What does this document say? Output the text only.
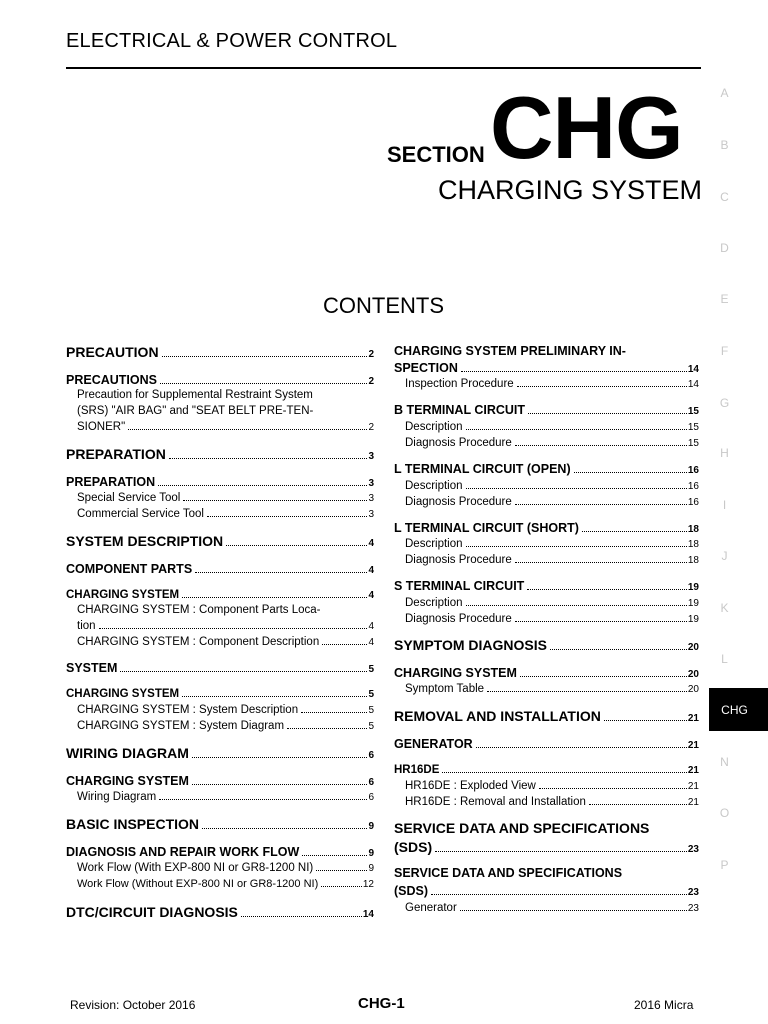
ELECTRICAL & POWER CONTROL
SECTION CHG
CHARGING SYSTEM
CONTENTS
PRECAUTION	2
PRECAUTIONS	2
Precaution for Supplemental Restraint System
(SRS) "AIR BAG" and "SEAT BELT PRE-TEN-
SIONER"	2
PREPARATION	3
PREPARATION	3
Special Service Tool	3
Commercial Service Tool	3
SYSTEM DESCRIPTION	4
COMPONENT PARTS	4
CHARGING SYSTEM	4
CHARGING SYSTEM : Component Parts Loca-
tion	4
CHARGING SYSTEM : Component Description	4
SYSTEM	5
CHARGING SYSTEM	5
CHARGING SYSTEM : System Description	5
CHARGING SYSTEM : System Diagram	5
WIRING DIAGRAM	6
CHARGING SYSTEM	6
Wiring Diagram	6
BASIC INSPECTION	9
DIAGNOSIS AND REPAIR WORK FLOW	9
Work Flow (With EXP-800 NI or GR8-1200 NI)	9
Work Flow (Without EXP-800 NI or GR8-1200 NI)	12
DTC/CIRCUIT DIAGNOSIS	14
CHARGING SYSTEM PRELIMINARY IN-
SPECTION	14
Inspection Procedure	14
B TERMINAL CIRCUIT	15
Description	15
Diagnosis Procedure	15
L TERMINAL CIRCUIT (OPEN)	16
Description	16
Diagnosis Procedure	16
L TERMINAL CIRCUIT (SHORT)	18
Description	18
Diagnosis Procedure	18
S TERMINAL CIRCUIT	19
Description	19
Diagnosis Procedure	19
SYMPTOM DIAGNOSIS	20
CHARGING SYSTEM	20
Symptom Table	20
REMOVAL AND INSTALLATION	21
GENERATOR	21
HR16DE	21
HR16DE : Exploded View	21
HR16DE : Removal and Installation	21
SERVICE DATA AND SPECIFICATIONS
(SDS)	23
SERVICE DATA AND SPECIFICATIONS
(SDS)	23
Generator	23
A
B
C
D
E
F
G
H
I
J
K
L
N
O
P
CHG
Revision: October 2016	CHG-1	2016 Micra
